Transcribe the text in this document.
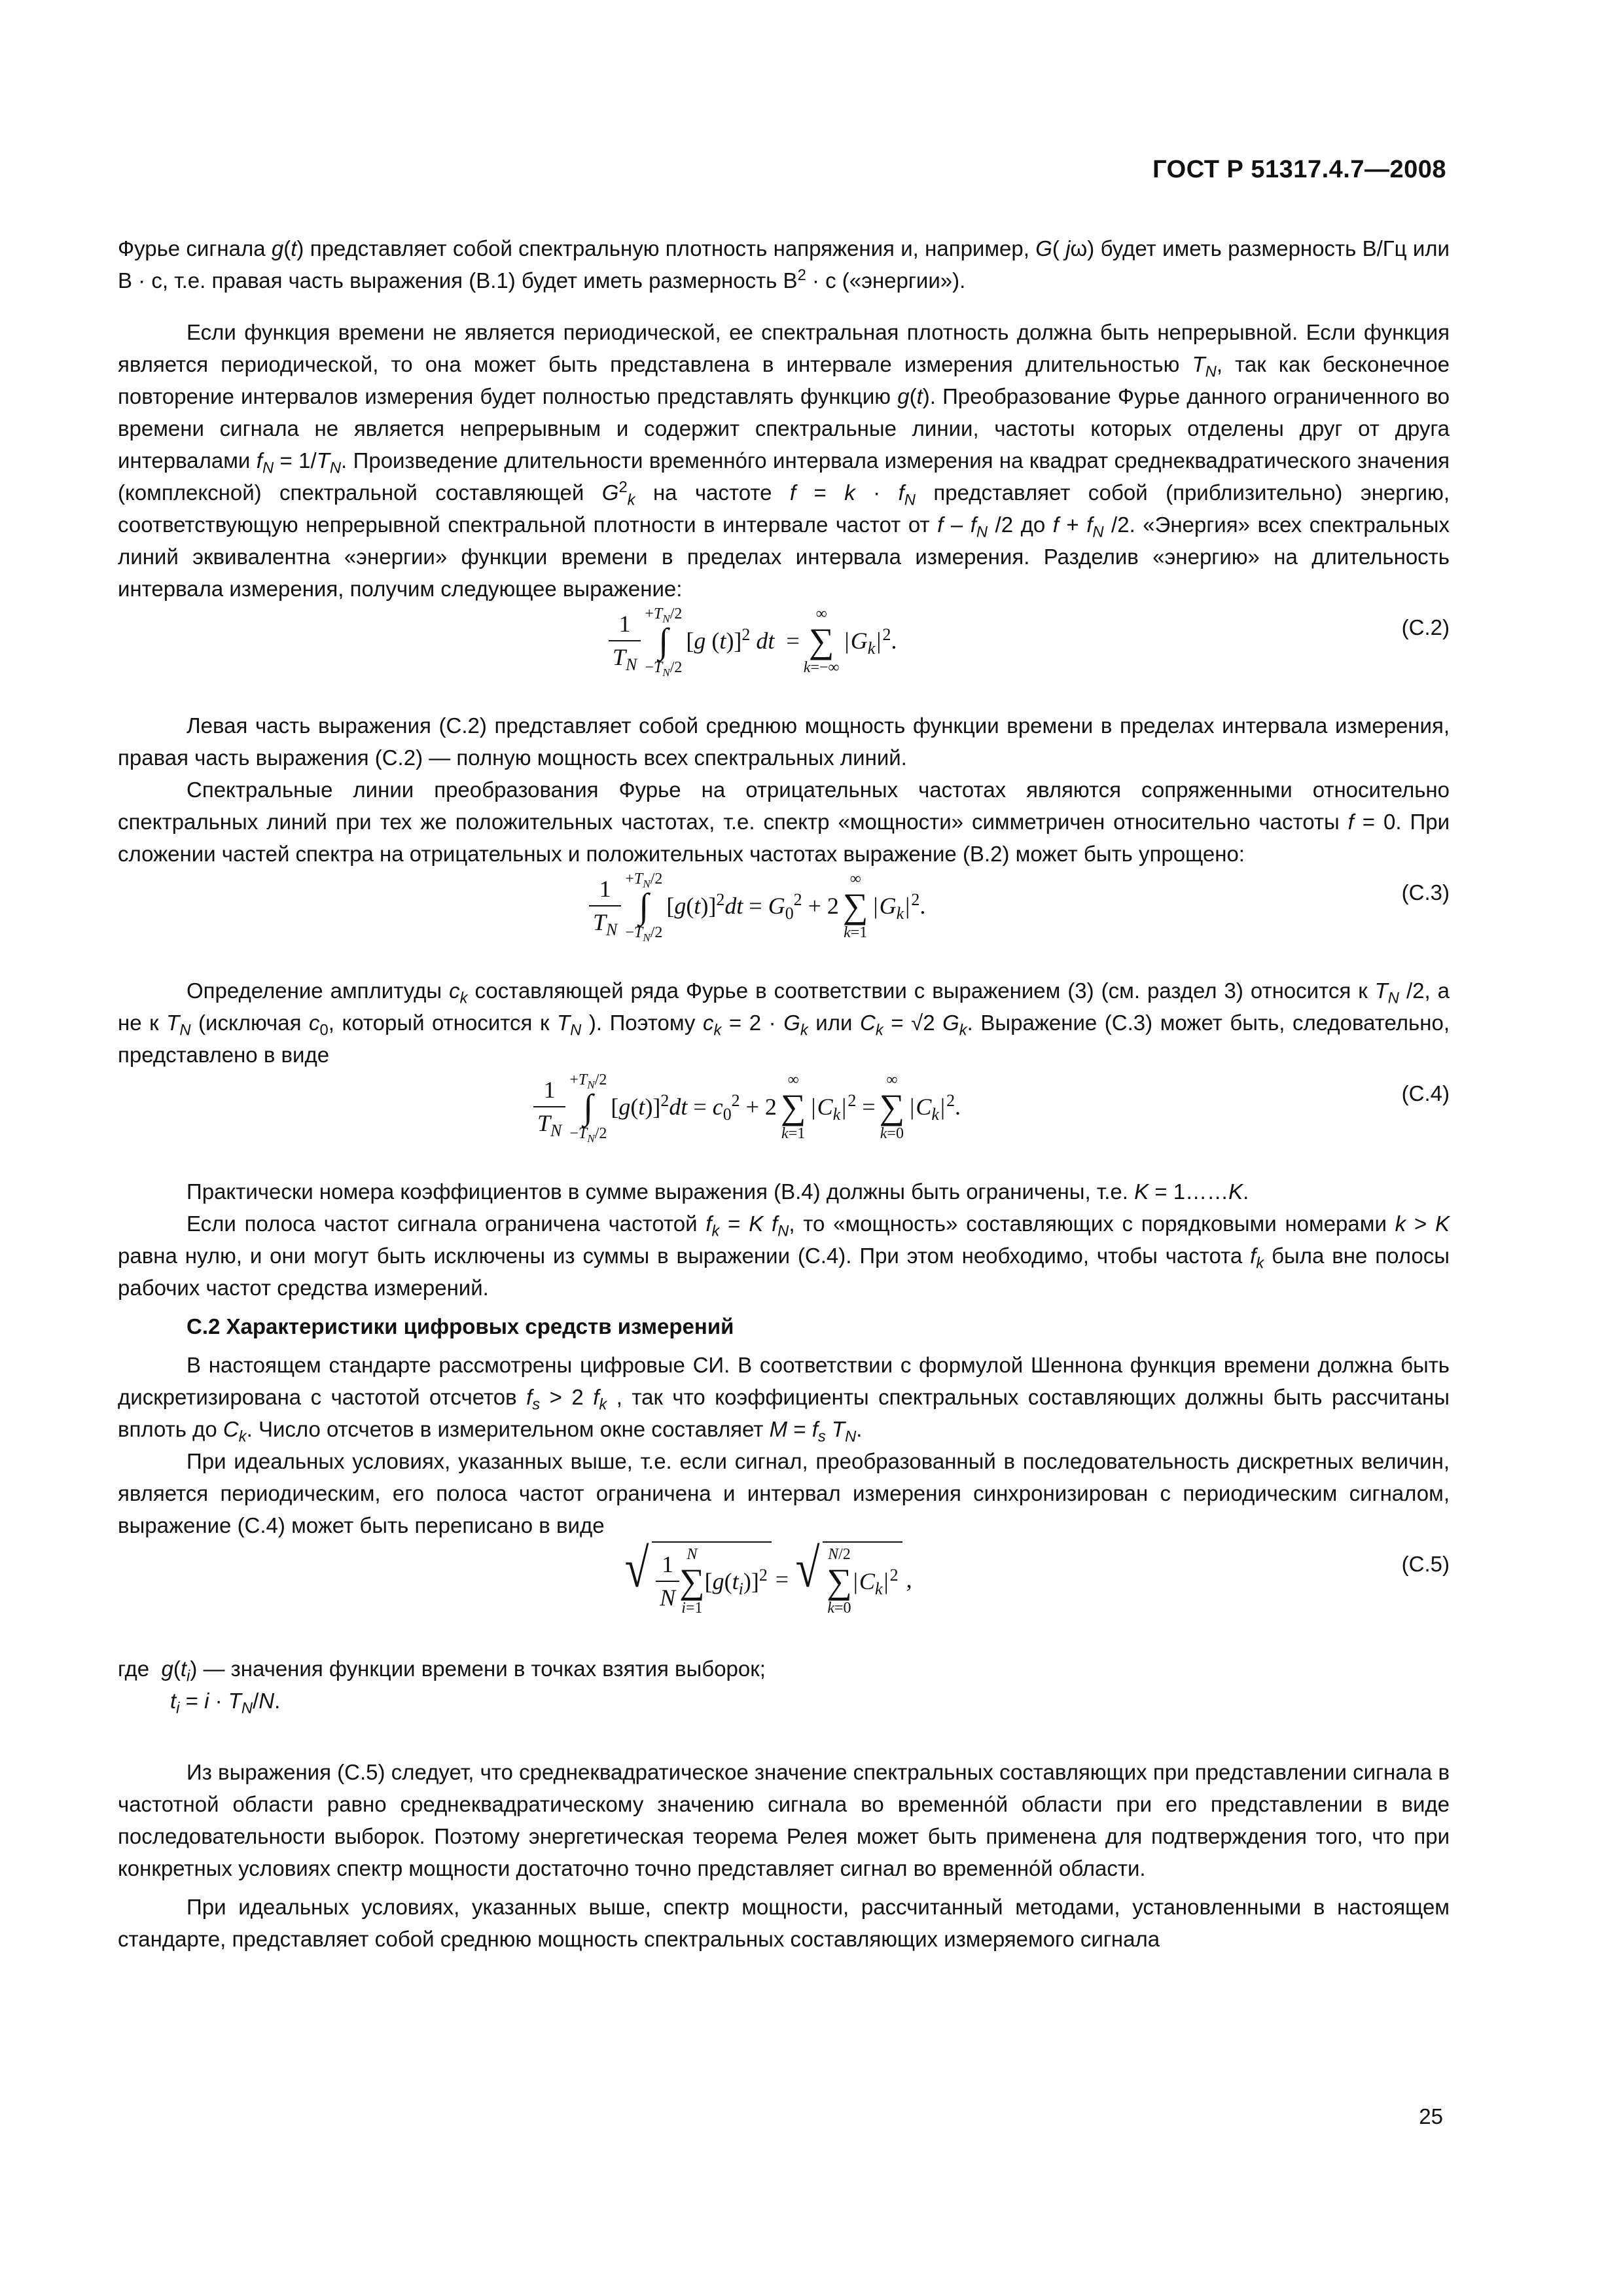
ГОСТ Р 51317.4.7—2008

Фурье сигнала g(t) представляет собой спектральную плотность напряжения и, например, G( jω) будет иметь размерность В/Гц или В · с, т.е. правая часть выражения (В.1) будет иметь размерность $В^2 \cdot с$ («энергии»).

Если функция времени не является периодической, ее спектральная плотность должна быть непрерывной. Если функция является периодической, то она может быть представлена в интервале измерения длительностью $T_N$, так как бесконечное повторение интервалов измерения будет полностью представлять функцию g(t). Преобразование Фурье данного ограниченного во времени сигнала не является непрерывным и содержит спектральные линии, частоты которых отделены друг от друга интервалами $f_N = 1/T_N$. Произведение длительности временно́го интервала измерения на квадрат среднеквадратического значения (комплексной) спектральной составляющей $G^2_k$ на частоте $f = k \cdot f_N$ представляет собой (приблизительно) энергию, соответствующую непрерывной спектральной плотности в интервале частот от f – $f_N$ /2 до $f + f_N$ /2. «Энергия» всех спектральных линий эквивалентна «энергии» функции времени в пределах интервала измерения. Разделив «энергию» на длительность интервала измерения, получим следующее выражение:

$\frac{1}{T_N} +T_N/2$
∫
$-T_N/2$
[g (t)]$^2$ dt  =
∞
∑
k=−∞
$|G_k|^2$.	(С.2)

Левая часть выражения (С.2) представляет собой среднюю мощность функции времени в пределах интервала измерения, правая часть выражения (С.2) — полную мощность всех спектральных линий.

Спектральные линии преобразования Фурье на отрицательных частотах являются сопряженными относительно спектральных линий при тех же положительных частотах, т.е. спектр «мощности» симметричен относительно частоты f = 0. При сложении частей спектра на отрицательных и положительных частотах выражение (В.2) может быть упрощено:

$\frac{1}{T_N} +T_N/2$
∫
$-T_N/2$
$[g(t)]^2dt = G_0^2 + 2$
∞
∑
k=1
$|G_k|^2$.	(С.3)

Определение амплитуды $c_k$ составляющей ряда Фурье в соответствии с выражением (3) (см. раздел 3) относится к $T_N$ /2, а не к $T_N$ (исключая $c_0$, который относится к $T_N$ ). Поэтому $c_k = 2 \cdot G_k$ или $C_k = √2$ $G_k$. Выражение (С.3) может быть, следовательно, представлено в виде

$\frac{1}{T_N} +T_N/2$
∫
$-T_N/2$
$[g(t)]^2dt = c_0^2 + 2$
∞
∑
k=1
$|C_k|^2$ =
∞
∑
k=0
$|C_k|^2$.	(С.4)

Практически номера коэффициентов в сумме выражения (В.4) должны быть ограничены, т.е. K = 1……K.

Если полоса частот сигнала ограничена частотой $f_k = K$ $f_N$, то «мощность» составляющих с порядковыми номерами k > K равна нулю, и они могут быть исключены из суммы в выражении (С.4). При этом необходимо, чтобы частота $f_k$ была вне полосы рабочих частот средства измерений.

С.2 Характеристики цифровых средств измерений

В настоящем стандарте рассмотрены цифровые СИ. В соответствии с формулой Шеннона функция времени должна быть дискретизирована с частотой отсчетов $f_s > 2$ $f_k$ , так что коэффициенты спектральных составляющих должны быть рассчитаны вплоть до $C_k$. Число отсчетов в измерительном окне составляет $M = f_s$ $T_N$.

При идеальных условиях, указанных выше, т.е. если сигнал, преобразованный в последовательность дискретных величин, является периодическим, его полоса частот ограничена и интервал измерения синхронизирован с периодическим сигналом, выражение (С.4) может быть переписано в виде

√ $\frac{1}{N}$ N
∑
i=1
$[g(t_i)]^2$ = √ N/2
∑
k=0
$|C_k|^2$ ,
(С.5)

где  $g(t_i)$ — значения функции времени в точках взятия выборок;

$t_i = i \cdot T_N/N$.

Из выражения (С.5) следует, что среднеквадратическое значение спектральных составляющих при представлении сигнала в частотной области равно среднеквадратическому значению сигнала во временно́й области при его представлении в виде последовательности выборок. Поэтому энергетическая теорема Релея может быть применена для подтверждения того, что при конкретных условиях спектр мощности достаточно точно представляет сигнал во временно́й области.

При идеальных условиях, указанных выше, спектр мощности, рассчитанный методами, установленными в настоящем стандарте, представляет собой среднюю мощность спектральных составляющих измеряемого сигнала

25
